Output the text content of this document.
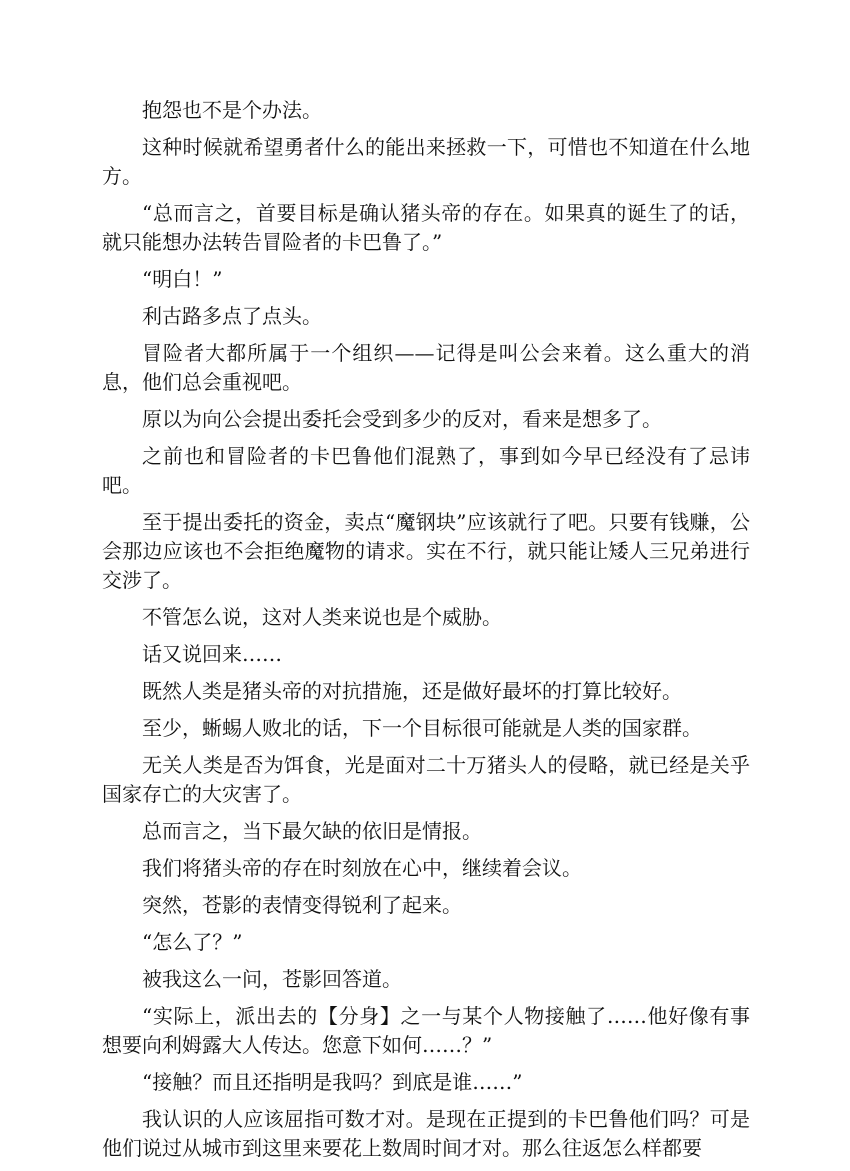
抱怨也不是个办法。

这种时候就希望勇者什么的能出来拯救一下，可惜也不知道在什么地方。

“总而言之，首要目标是确认猪头帝的存在。如果真的诞生了的话，就只能想办法转告冒险者的卡巴鲁了。”

“明白！”

利古路多点了点头。

冒险者大都所属于一个组织——记得是叫公会来着。这么重大的消息，他们总会重视吧。

原以为向公会提出委托会受到多少的反对，看来是想多了。

之前也和冒险者的卡巴鲁他们混熟了，事到如今早已经没有了忌讳吧。

至于提出委托的资金，卖点“魔钢块”应该就行了吧。只要有钱赚，公会那边应该也不会拒绝魔物的请求。实在不行，就只能让矮人三兄弟进行交涉了。

不管怎么说，这对人类来说也是个威胁。

话又说回来……

既然人类是猪头帝的对抗措施，还是做好最坏的打算比较好。

至少，蜥蜴人败北的话，下一个目标很可能就是人类的国家群。

无关人类是否为饵食，光是面对二十万猪头人的侵略，就已经是关乎国家存亡的大灾害了。

总而言之，当下最欠缺的依旧是情报。

我们将猪头帝的存在时刻放在心中，继续着会议。

突然，苍影的表情变得锐利了起来。

“怎么了？”

被我这么一问，苍影回答道。

“实际上，派出去的【分身】之一与某个人物接触了……他好像有事想要向利姆露大人传达。您意下如何……？”

“接触？而且还指明是我吗？到底是谁……”

我认识的人应该屈指可数才对。是现在正提到的卡巴鲁他们吗？可是他们说过从城市到这里来要花上数周时间才对。那么往返怎么样都要
